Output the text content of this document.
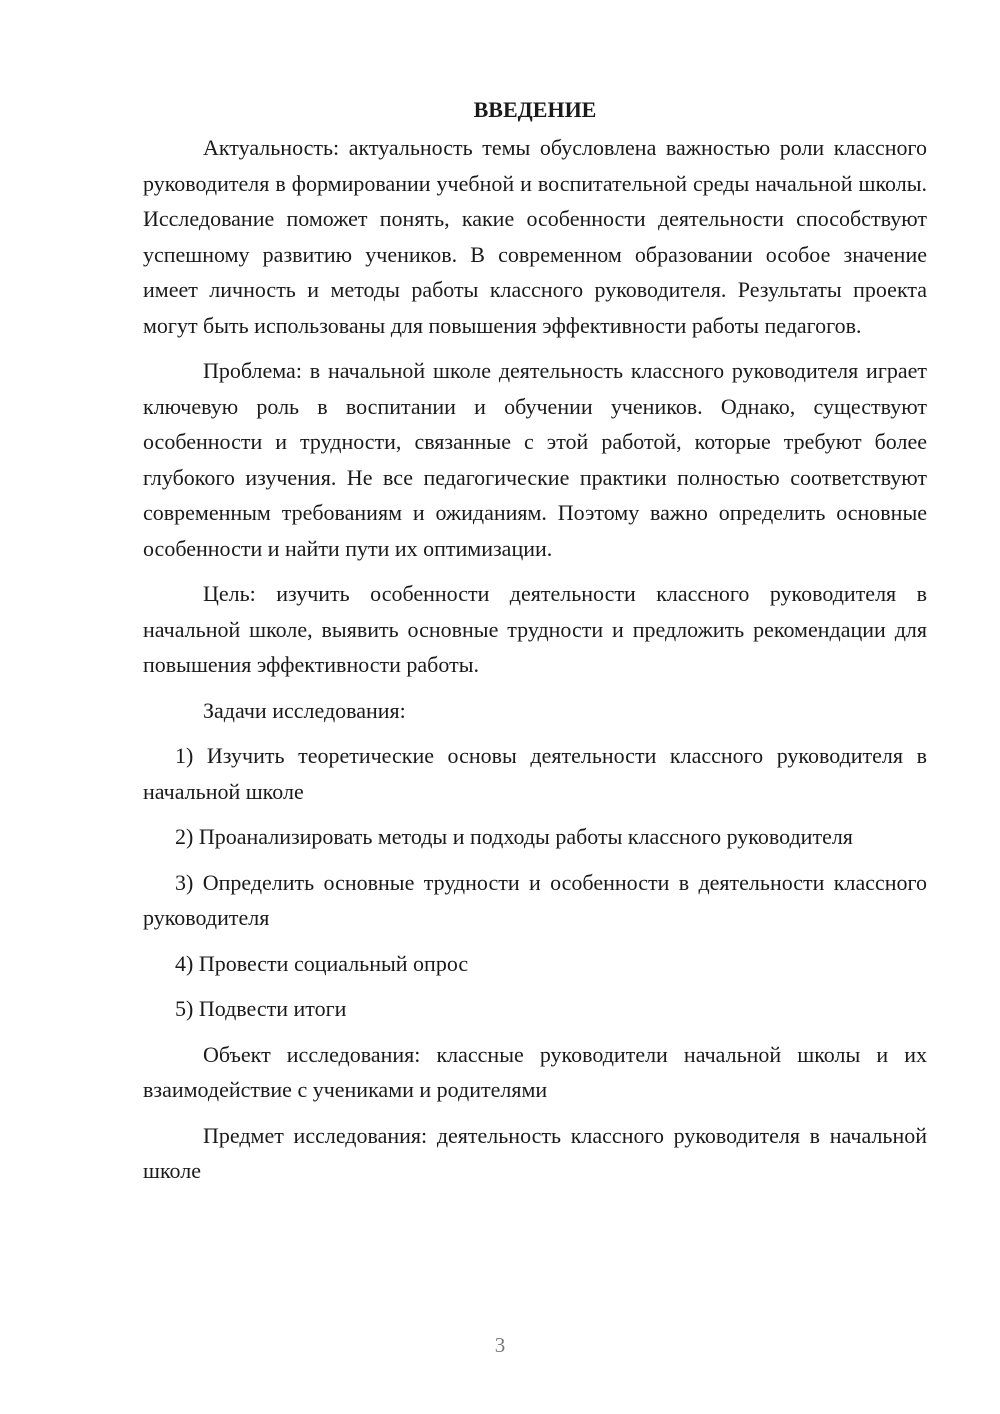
ВВЕДЕНИЕ

Актуальность: актуальность темы обусловлена важностью роли классного руководителя в формировании учебной и воспитательной среды начальной школы. Исследование поможет понять, какие особенности деятельности способствуют успешному развитию учеников. В современном образовании особое значение имеет личность и методы работы классного руководителя. Результаты проекта могут быть использованы для повышения эффективности работы педагогов.

Проблема: в начальной школе деятельность классного руководителя играет ключевую роль в воспитании и обучении учеников. Однако, существуют особенности и трудности, связанные с этой работой, которые требуют более глубокого изучения. Не все педагогические практики полностью соответствуют современным требованиям и ожиданиям. Поэтому важно определить основные особенности и найти пути их оптимизации.

Цель: изучить особенности деятельности классного руководителя в начальной школе, выявить основные трудности и предложить рекомендации для повышения эффективности работы.

Задачи исследования:

1) Изучить теоретические основы деятельности классного руководителя в начальной школе

2) Проанализировать методы и подходы работы классного руководителя

3) Определить основные трудности и особенности в деятельности классного руководителя

4) Провести социальный опрос

5) Подвести итоги

Объект исследования: классные руководители начальной школы и их взаимодействие с учениками и родителями

Предмет исследования: деятельность классного руководителя в начальной школе

3
